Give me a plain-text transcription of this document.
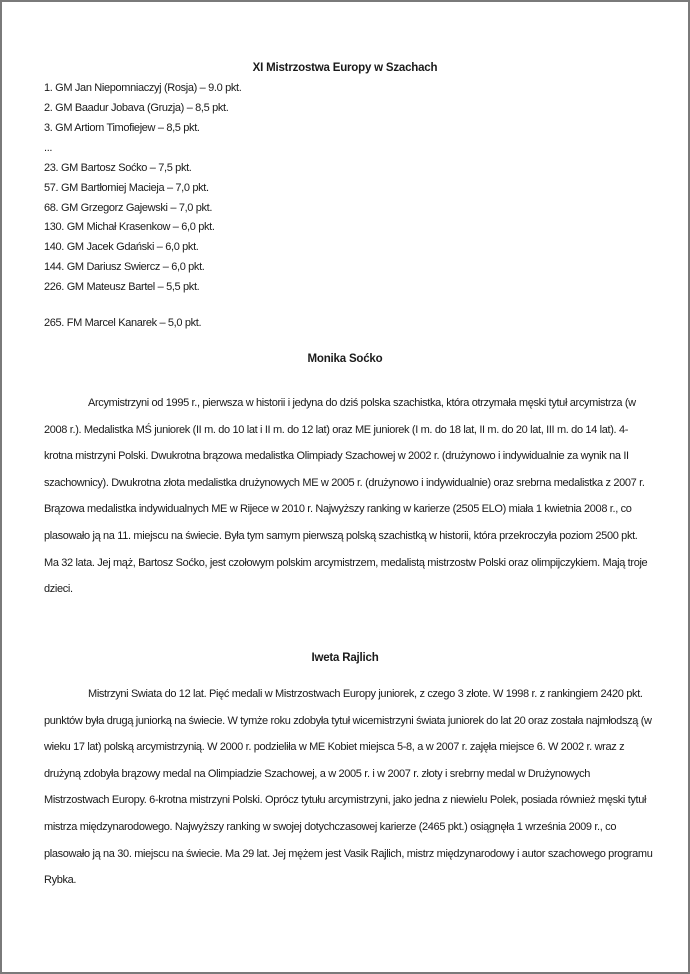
XI Mistrzostwa Europy w Szachach
1. GM Jan Niepomniaczyj (Rosja) – 9.0 pkt.
2. GM Baadur Jobava (Gruzja) – 8,5 pkt.
3. GM Artiom Timofiejew – 8,5 pkt.
...
23. GM Bartosz Soćko – 7,5 pkt.
57. GM Bartłomiej Macieja – 7,0 pkt.
68. GM Grzegorz Gajewski – 7,0 pkt.
130. GM Michał Krasenkow – 6,0 pkt.
140. GM Jacek Gdański – 6,0 pkt.
144. GM Dariusz Swiercz – 6,0 pkt.
226. GM Mateusz Bartel – 5,5 pkt.
265. FM Marcel Kanarek – 5,0 pkt.
Monika Soćko

Arcymistrzyni od 1995 r., pierwsza w historii i jedyna do dziś polska szachistka, która otrzymała męski tytuł arcymistrza (w 2008 r.). Medalistka MŚ juniorek (II m. do 10 lat i II m. do 12 lat) oraz ME juniorek (I m. do 18 lat, II m. do 20 lat, III m. do 14 lat). 4-krotna mistrzyni Polski. Dwukrotna brązowa medalistka Olimpiady Szachowej w 2002 r. (drużynowo i indywidualnie za wynik na II szachownicy). Dwukrotna złota medalistka drużynowych ME w 2005 r. (drużynowo i indywidualnie) oraz srebrna medalistka z 2007 r. Brązowa medalistka indywidualnych ME w Rijece w 2010 r. Najwyższy ranking w karierze (2505 ELO) miała 1 kwietnia 2008 r., co plasowało ją na 11. miejscu na świecie. Była tym samym pierwszą polską szachistką w historii, która przekroczyła poziom 2500 pkt. Ma 32 lata. Jej mąż, Bartosz Soćko, jest czołowym polskim arcymistrzem, medalistą mistrzostw Polski oraz olimpijczykiem. Mają troje dzieci.

Iweta Rajlich

Mistrzyni Swiata do 12 lat. Pięć medali w Mistrzostwach Europy juniorek, z czego 3 złote. W 1998 r. z rankingiem 2420 pkt. punktów była drugą juniorką na świecie. W tymże roku zdobyła tytuł wicemistrzyni świata juniorek do lat 20 oraz została najmłodszą (w wieku 17 lat) polską arcymistrzynią. W 2000 r. podzieliła w ME Kobiet miejsca 5-8, a w 2007 r. zajęła miejsce 6. W 2002 r. wraz z drużyną zdobyła brązowy medal na Olimpiadzie Szachowej, a w 2005 r. i w 2007 r. złoty i srebrny medal w Drużynowych Mistrzostwach Europy. 6-krotna mistrzyni Polski. Oprócz tytułu arcymistrzyni, jako jedna z niewielu Polek, posiada również męski tytuł mistrza międzynarodowego. Najwyższy ranking w swojej dotychczasowej karierze (2465 pkt.) osiągnęła 1 września 2009 r., co plasowało ją na 30. miejscu na świecie. Ma 29 lat. Jej mężem jest Vasik Rajlich, mistrz międzynarodowy i autor szachowego programu Rybka.
